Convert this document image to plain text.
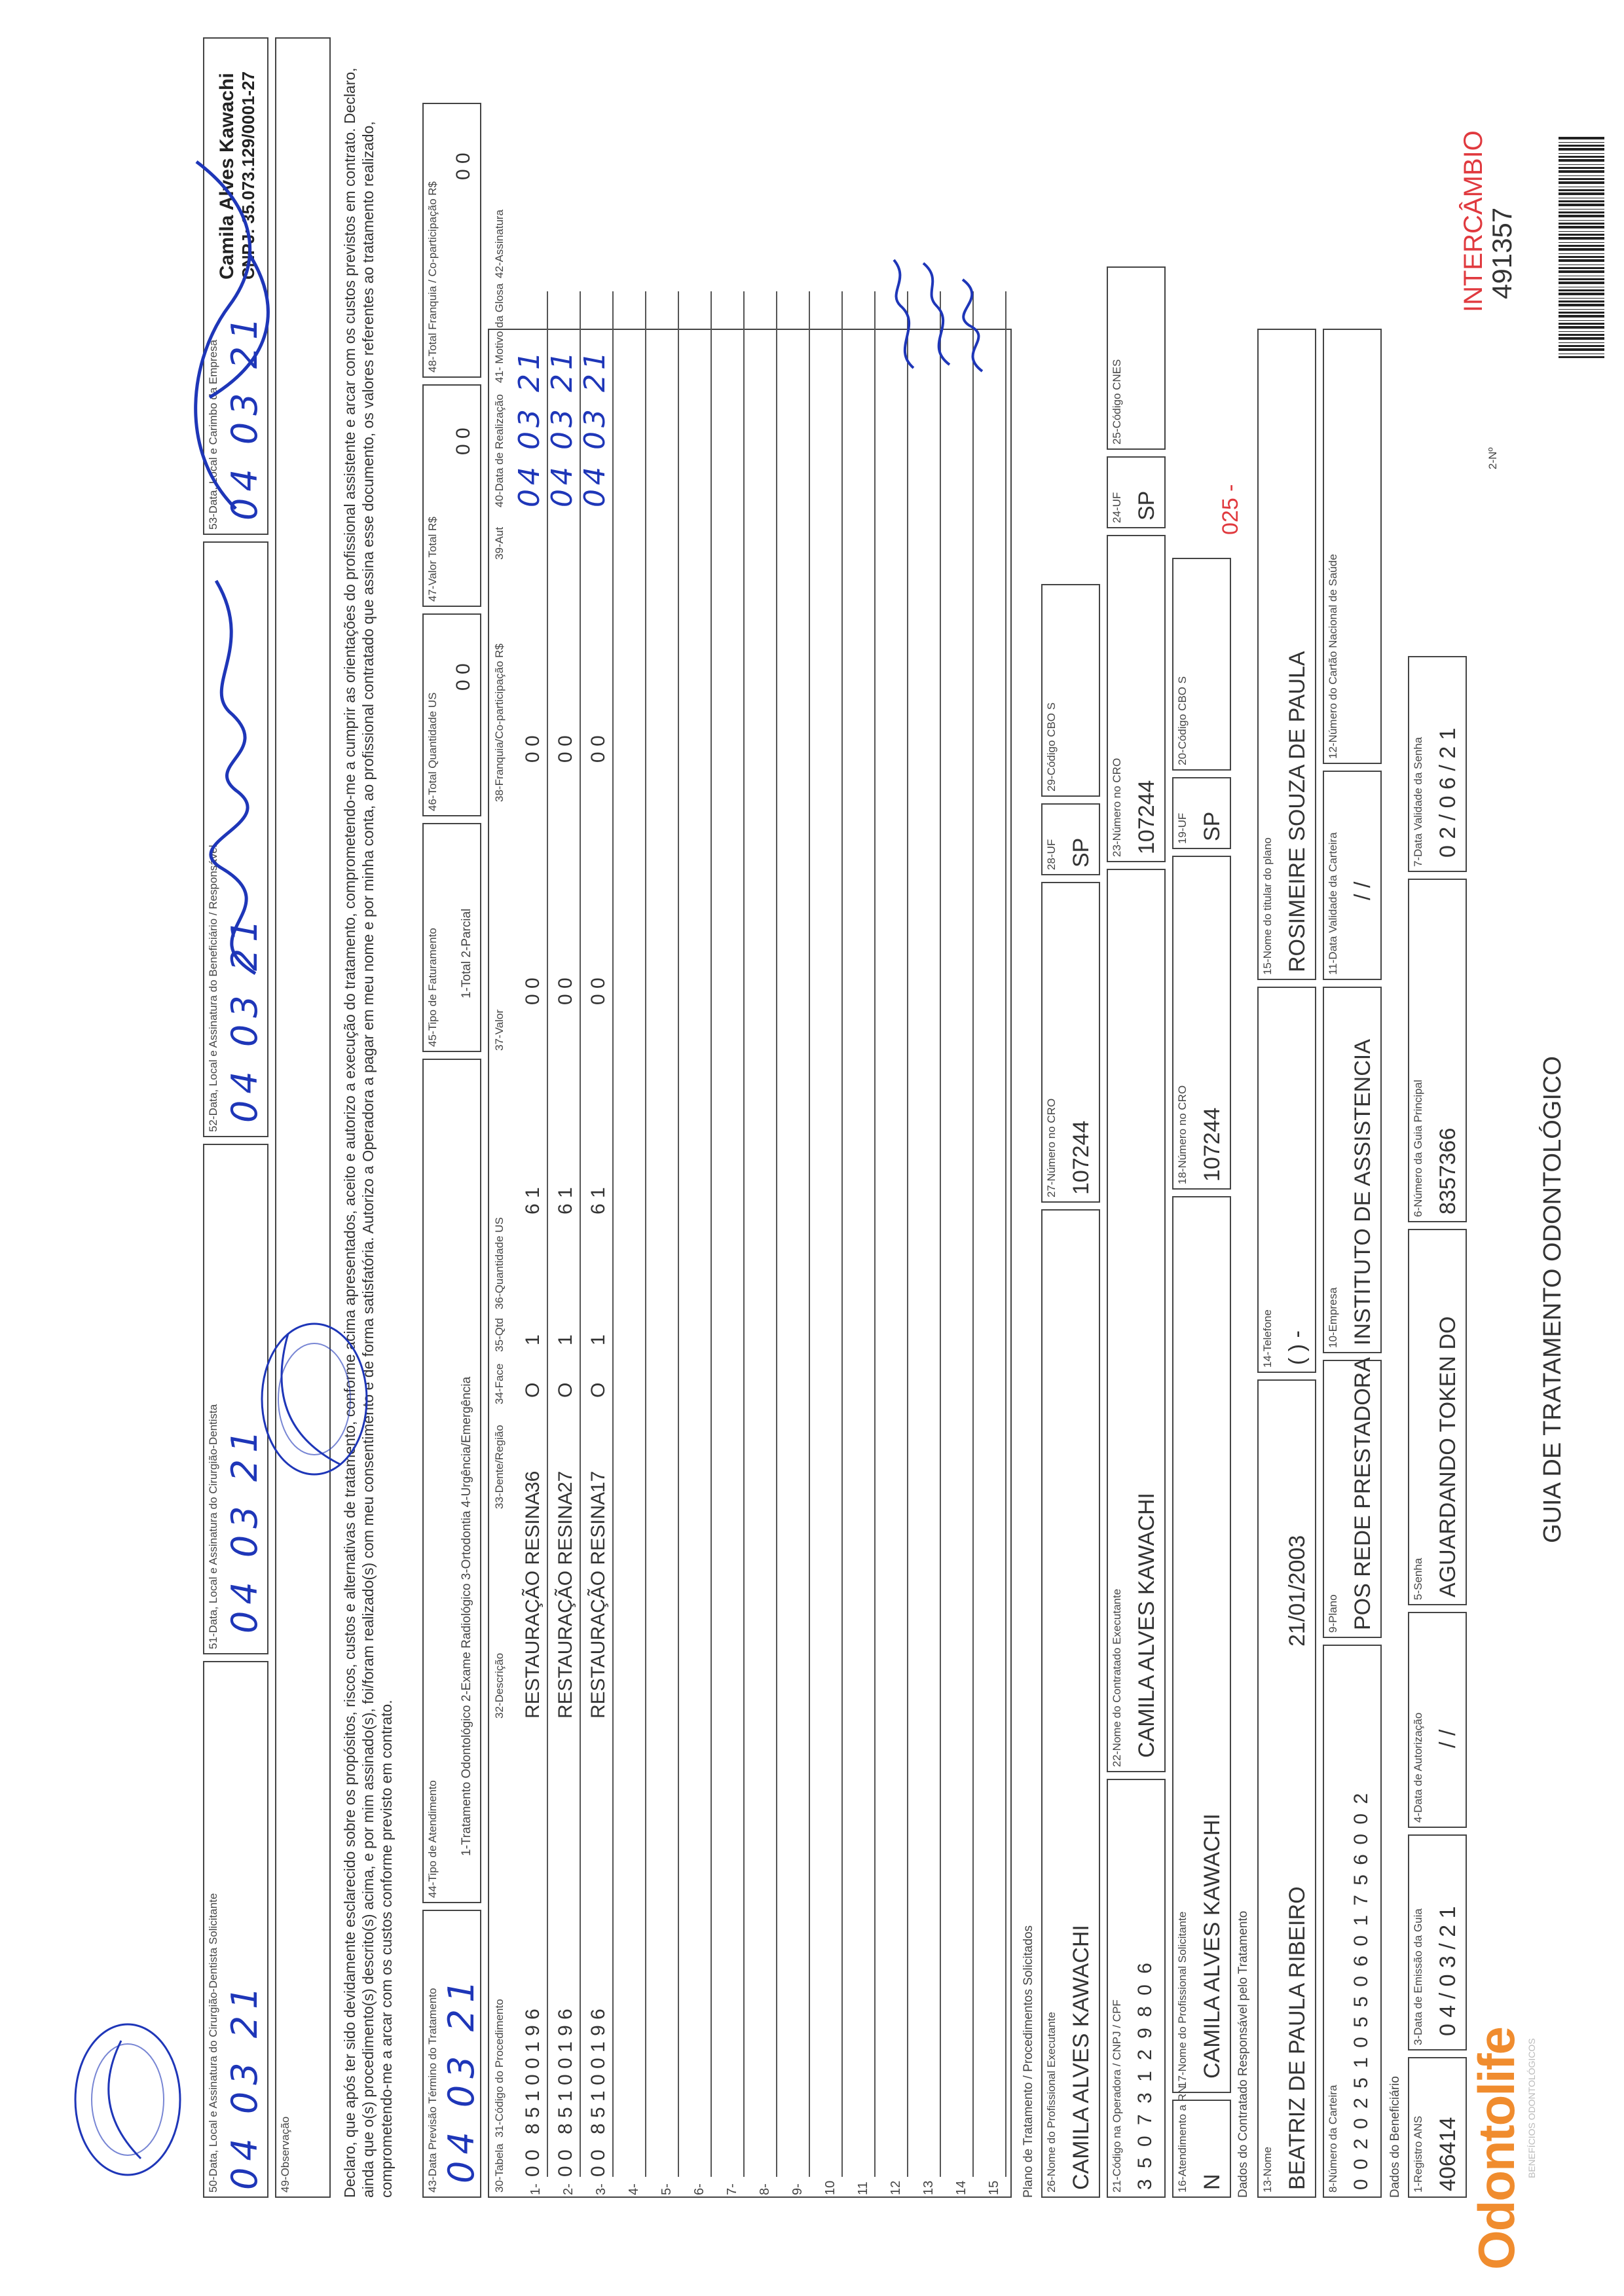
Odontolife BENEFÍCIOS ODONTOLÓGICOS
GUIA DE TRATAMENTO ODONTOLÓGICO
2-Nº
491357
INTERCÂMBIO
1-Registro ANS 406414
3-Data de Emissão da Guia 0 4 / 0 3 / 2 1
4-Data de Autorização / /
5-Senha AGUARDANDO TOKEN DO
6-Número da Guia Principal 8357366
7-Data Validade da Senha 0 2 / 0 6 / 2 1
Dados do Beneficiário
8-Número da Carteira 0 0 2 0 2 5 1 0 5 5 0 6 0 1 7 5 6 0 0 2
9-Plano POS REDE PRESTADORA
10-Empresa INSTITUTO DE ASSISTENCIA
11-Data Validade da Carteira / /
12-Número do Cartão Nacional de Saúde
13-Nome BEATRIZ DE PAULA RIBEIRO
21/01/2003
14-Telefone ( ) -
15-Nome do titular do plano ROSIMEIRE SOUZA DE PAULA
Dados do Contratado Responsável pelo Tratamento
16-Atendimento a RN N
17-Nome do Profissional Solicitante CAMILA ALVES KAWACHI
18-Número no CRO 107244
19-UF SP
20-Código CBO S
025 -
21-Código na Operadora / CNPJ / CPF 3 5 0 7 3 1 2 9 8 0 6
22-Nome do Contratado Executante CAMILA ALVES KAWACHI
23-Número no CRO 107244
24-UF SP
25-Código CNES
26-Nome do Profissional Executante CAMILA ALVES KAWACHI
27-Número no CRO 107244
28-UF SP
29-Código CBO S
Plano de Tratamento / Procedimentos Solicitados
30-Tabela
31-Código do Procedimento
32-Descrição
33-Dente/Região
34-Face
35-Qtd
36-Quantidade US
37-Valor
38-Franquia/Co-participação R$
39-Aut
40-Data de Realização
41- Motivo da Glosa
42-Assinatura
1-
0 0
8 5 1 0 0 1 9 6
RESTAURAÇÃO RESINA
36
O
1
6 1
0 0
0 0
04 03 21
2-
0 0
8 5 1 0 0 1 9 6
RESTAURAÇÃO RESINA
27
O
1
6 1
0 0
0 0
04 03 21
3-
0 0
8 5 1 0 0 1 9 6
RESTAURAÇÃO RESINA
17
O
1
6 1
0 0
0 0
04 03 21
4- 5- 6- 7- 8- 9- 10 11 12 13 14 15
43-Data Previsão Término do Tratamento 04 03 21
44-Tipo de Atendimento 1-Tratamento Odontológico 2-Exame Radiológico 3-Ortodontia 4-Urgência/Emergência
45-Tipo de Faturamento 1-Total 2-Parcial
46-Total Quantidade US
0 0
47-Valor Total R$
0 0
48-Total Franquia / Co-participação R$
0 0
Declaro, que após ter sido devidamente esclarecido sobre os propósitos, riscos, custos e alternativas de tratamento, conforme acima apresentados, aceito e autorizo a execução do tratamento, comprometendo-me a cumprir as orientações do profissional assistente e arcar com os custos previstos em contrato. Declaro, ainda que o(s) procedimento(s) descrito(s) acima, e por mim assinado(s), foi/foram realizado(s) com meu consentimento e de forma satisfatória. Autorizo a Operadora a pagar em meu nome e por minha conta, ao profissional contratado que assina esse documento, os valores referentes ao tratamento realizado, comprometendo-me a arcar com os custos conforme previsto em contrato.
49-Observação
50-Data, Local e Assinatura do Cirurgião-Dentista Solicitante 04 03 21
51-Data, Local e Assinatura do Cirurgião-Dentista 04 03 21
52-Data, Local e Assinatura do Beneficiário / Responsável 04 03 21
53-Data, Local e Carimbo da Empresa 04 03 21
Camila Alves Kawachi CNPJ: 35.073.129/0001-27
